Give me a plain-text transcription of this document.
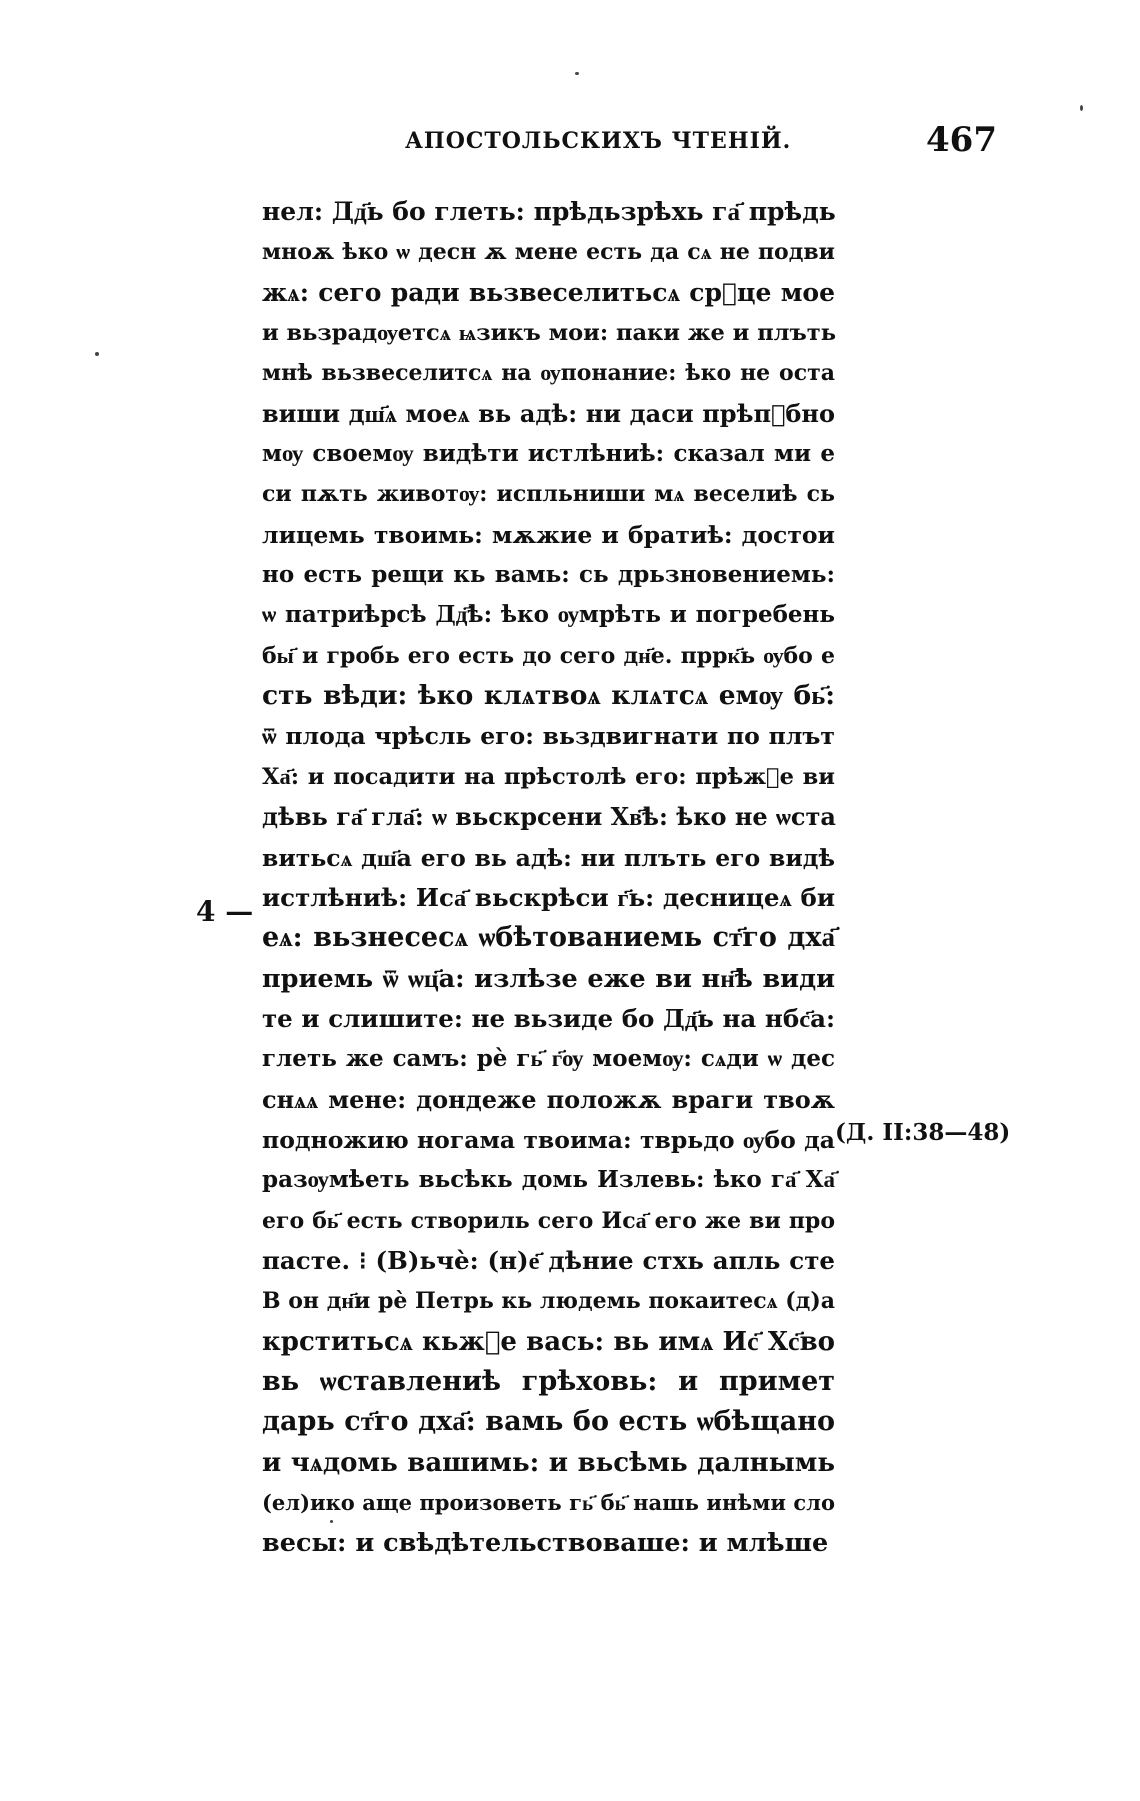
АПОСТОЛЬСКИХЪ ЧТЕНІЙ.	467
нел: Дд҃ь бо глеть: прѣдьзрѣхь га҃ прѣдь
мноѫ ѣко ѡ десн ѫ мене есть да сѧ не подви
жѧ: сего ради вьзвеселитьсѧ срⷣце мое
и вьзрадѹетсѧ ѩзикъ мои: паки же и плъть
мнѣ вьзвеселитсѧ на ѹпонание: ѣко не оста
виши дш҃ѧ моеѧ вь адѣ: ни даси прѣпⷣбно
мѹ своемѹ видѣти истлѣниѣ: сказал ми е
си пѫть животѹ: испльниши мѧ веселиѣ сь
лицемь твоимь: мѫжие и братиѣ: достои
но есть рещи кь вамь: сь дрьзновениемь:
ѡ патриѣрсѣ Дд҃ѣ: ѣко ѹмрѣть и погребень
бы҃ и гробь его есть до сего дн҃е. пррк҃ь ѹбо е
сть вѣди: ѣко клѧтвоѧ клѧтсѧ емѹ бь҃:
ѿ плода чрѣсль его: вьздвигнати по плът
Ха҃: и посадити на прѣстолѣ его: прѣжⷣе ви
дѣвь га҃ гла҃: ѡ вьскрсени Хв҃ѣ: ѣко не ѡста
витьсѧ дш҃а его вь адѣ: ни плъть его видѣ
истлѣниѣ: Иса҃ вьскрѣси г҃ь: десницеѧ би
еѧ: вьзнесесѧ ѡбѣтованиемь ст҃го дха҃
приемь ѿ ѡц҃а: излѣзе еже ви нн҃ѣ види
те и слишите: не вьзиде бо Дд҃ь на нбс҃а:
глеть же самъ: рѐ гь҃ г҃ѹ моемѹ: сѧди ѡ дес
снѧѧ мене: дондеже положѫ враги твоѫ
подножию ногама твоима: тврьдо ѹбо да
разѹмѣеть вьсѣкь домь Излевь: ѣко га҃ Ха҃
его бь҃ есть створиль сего Иса҃ его же ви про
пасте. ⁝ (В)ьчѐ: (н)е҃ дѣние стхь апль сте
В он дн҃и рѐ Петрь кь людемь покаитесѧ (д)а
крститьсѧ кьжⷣе вась: вь имѧ Ис҃ Хс҃во
вь ѡставлениѣ грѣховь: и примет
дарь ст҃го дха҃: вамь бо есть ѡбѣщано
и чѧдомь вашимь: и вьсѣмь далнымь
(ел)ико аще произоветь гь҃ бь҃ нашь инѣми сло
весы: и свѣдѣтельствоваше: и млѣше
4 —
(Д. II:38—48)
